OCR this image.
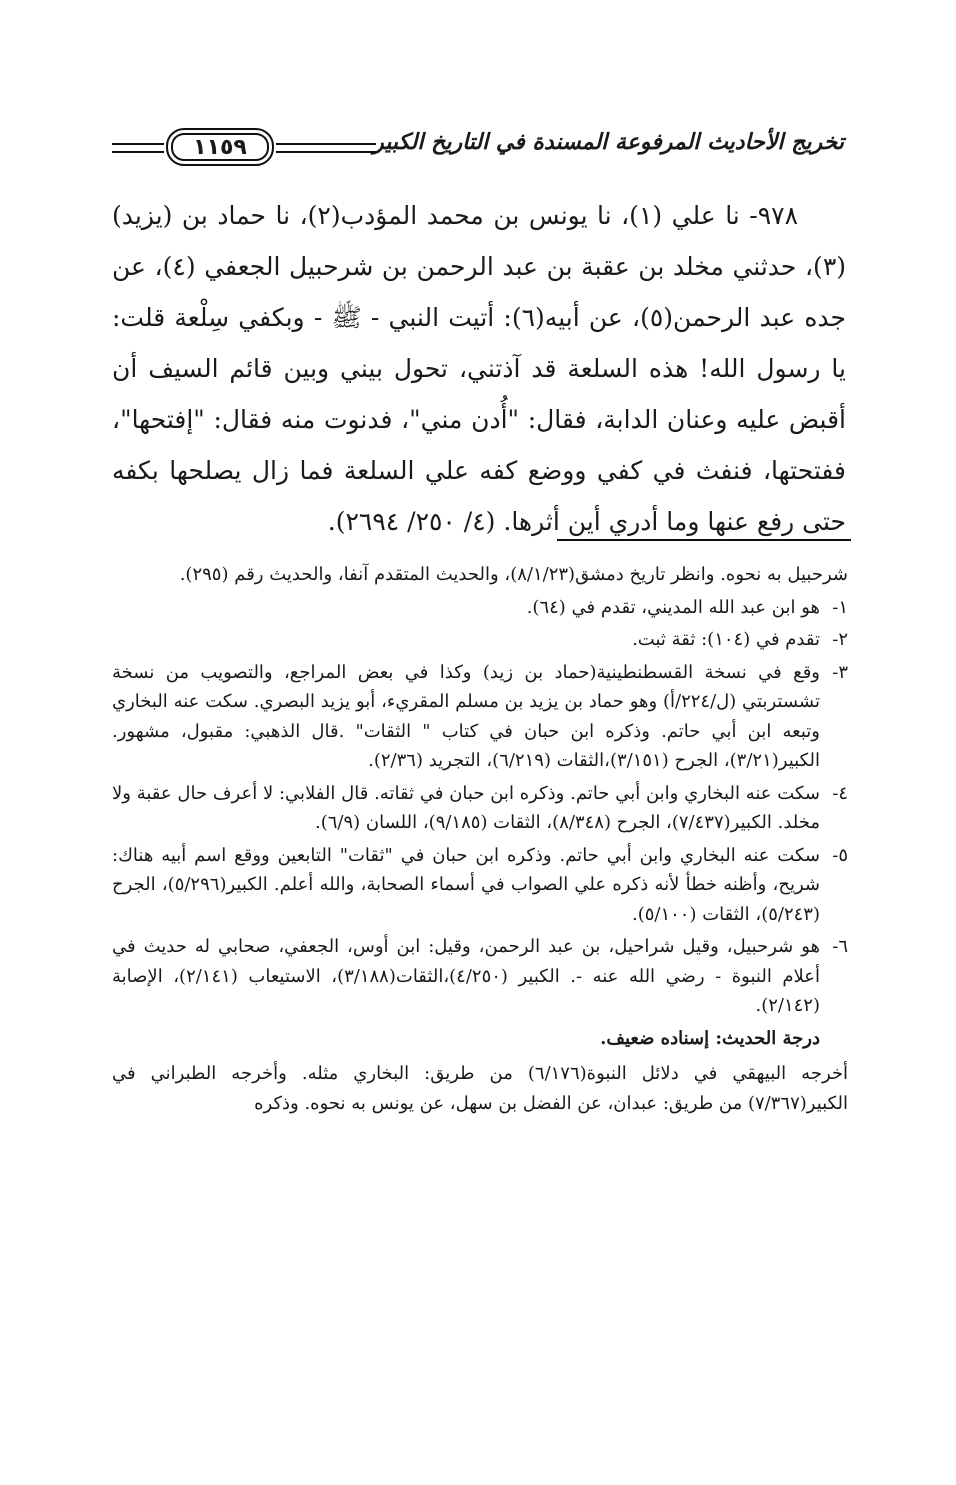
تخريج الأحاديث المرفوعة المسندة في التاريخ الكبير
١١٥٩

٩٧٨- نا علي (١)، نا يونس بن محمد المؤدب(٢)، نا حماد بن (يزيد)(٣)، حدثني مخلد بن عقبة بن عبد الرحمن بن شرحبيل الجعفي (٤)، عن جده عبد الرحمن(٥)، عن أبيه(٦): أتيت النبي - ﷺ - وبكفي سِلْعة قلت: يا رسول الله! هذه السلعة قد آذتني، تحول بيني وبين قائم السيف أن أقبض عليه وعنان الدابة، فقال: "أُدن مني"، فدنوت منه فقال: "إفتحها"، ففتحتها، فنفث في كفي ووضع كفه علي السلعة فما زال يصلحها بكفه حتى رفع عنها وما أدري أين أثرها. (٤/ ٢٥٠/ ٢٦٩٤).

شرحبيل به نحوه. وانظر تاريخ دمشق(٨/١/٢٣)، والحديث المتقدم آنفا، والحديث رقم (٢٩٥).
١-
هو ابن عبد الله المديني، تقدم في (٦٤).
٢-
تقدم في (١٠٤): ثقة ثبت.
٣-
وقع في نسخة القسطنطينية(حماد بن زيد) وكذا في بعض المراجع، والتصويب من نسخة تشستربتي (ل/٢٢٤/أ) وهو حماد بن يزيد بن مسلم المقريء، أبو يزيد البصري. سكت عنه البخاري وتبعه ابن أبي حاتم. وذكره ابن حبان في كتاب " الثقات" .قال الذهبي: مقبول، مشهور. الكبير(٣/٢١)، الجرح (٣/١٥١)،الثقات (٦/٢١٩)، التجريد (٢/٣٦).
٤-
سكت عنه البخاري وابن أبي حاتم. وذكره ابن حبان في ثقاته. قال الفلابي: لا أعرف حال عقبة ولا مخلد. الكبير(٧/٤٣٧)، الجرح (٨/٣٤٨)، الثقات (٩/١٨٥)، اللسان (٦/٩).
٥-
سكت عنه البخاري وابن أبي حاتم. وذكره ابن حبان في "ثقات" التابعين ووقع اسم أبيه هناك: شريح، وأظنه خطأ لأنه ذكره علي الصواب في أسماء الصحابة، والله أعلم. الكبير(٥/٢٩٦)، الجرح (٥/٢٤٣)، الثقات (٥/١٠٠).
٦-
هو شرحبيل، وقيل شراحيل، بن عبد الرحمن، وقيل: ابن أوس، الجعفي، صحابي له حديث في أعلام النبوة - رضي الله عنه -. الكبير (٤/٢٥٠)،الثقات(٣/١٨٨)، الاستيعاب (٢/١٤١)، الإصابة (٢/١٤٢).
درجة الحديث: إسناده ضعيف.
أخرجه البيهقي في دلائل النبوة(٦/١٧٦) من طريق: البخاري مثله. وأخرجه الطبراني في الكبير(٧/٣٦٧) من طريق: عبدان، عن الفضل بن سهل، عن يونس به نحوه. وذكره
